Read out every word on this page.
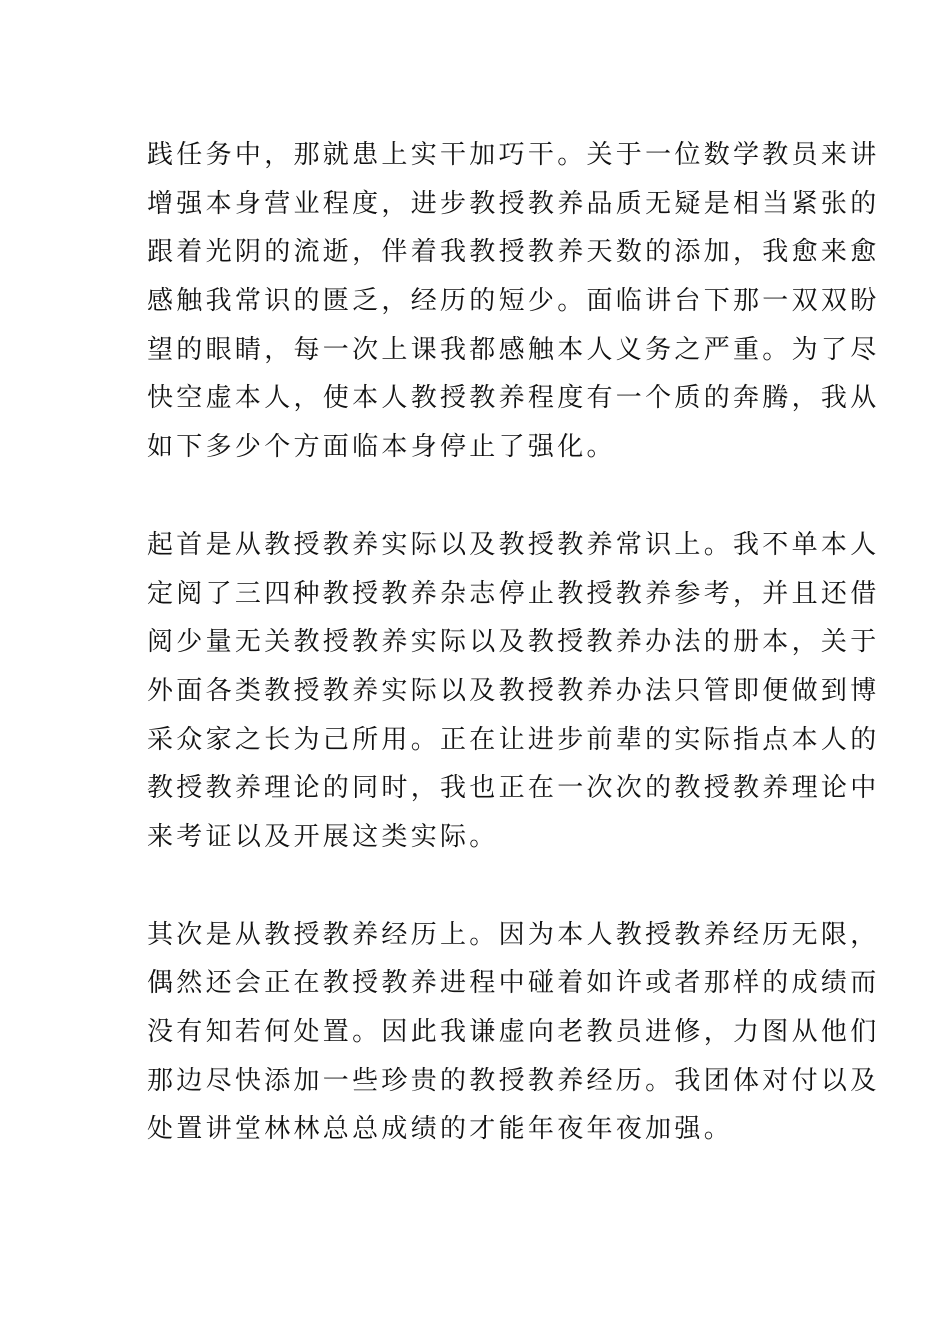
践任务中，那就患上实干加巧干。关于一位数学教员来讲
增强本身营业程度，进步教授教养品质无疑是相当紧张的
跟着光阴的流逝，伴着我教授教养天数的添加，我愈来愈
感触我常识的匮乏，经历的短少。面临讲台下那一双双盼
望的眼睛，每一次上课我都感触本人义务之严重。为了尽
快空虚本人，使本人教授教养程度有一个质的奔腾，我从
如下多少个方面临本身停止了强化。
起首是从教授教养实际以及教授教养常识上。我不单本人
定阅了三四种教授教养杂志停止教授教养参考，并且还借
阅少量无关教授教养实际以及教授教养办法的册本，关于
外面各类教授教养实际以及教授教养办法只管即便做到博
采众家之长为己所用。正在让进步前辈的实际指点本人的
教授教养理论的同时，我也正在一次次的教授教养理论中
来考证以及开展这类实际。
其次是从教授教养经历上。因为本人教授教养经历无限，
偶然还会正在教授教养进程中碰着如许或者那样的成绩而
没有知若何处置。因此我谦虚向老教员进修，力图从他们
那边尽快添加一些珍贵的教授教养经历。我团体对付以及
处置讲堂林林总总成绩的才能年夜年夜加强。
